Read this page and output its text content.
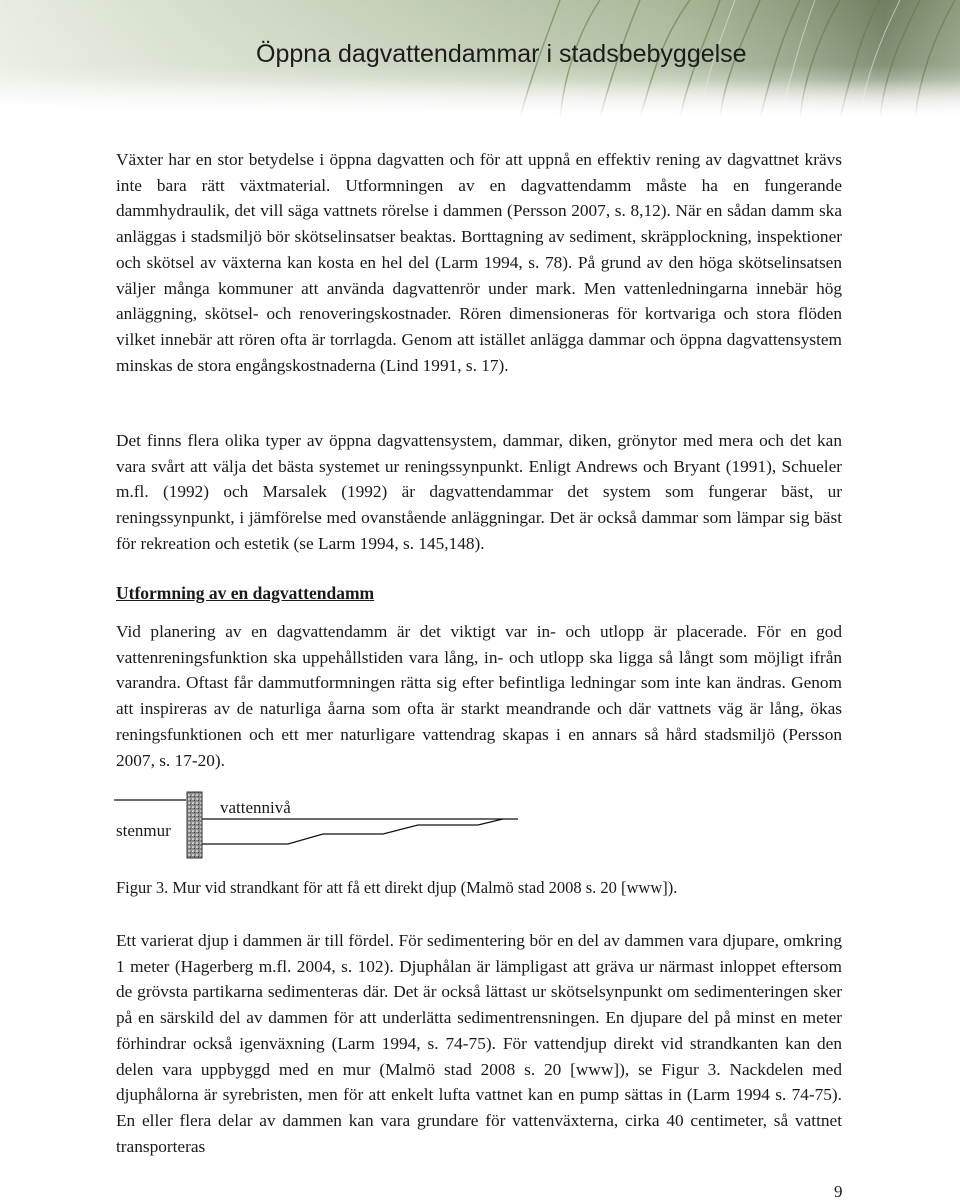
Öppna dagvattendammar i stadsbebyggelse
Växter har en stor betydelse i öppna dagvatten och för att uppnå en effektiv rening av dagvattnet krävs inte bara rätt växtmaterial. Utformningen av en dagvattendamm måste ha en fungerande dammhydraulik, det vill säga vattnets rörelse i dammen (Persson 2007, s. 8,12). När en sådan damm ska anläggas i stadsmiljö bör skötselinsatser beaktas. Borttagning av sediment, skräpplockning, inspektioner och skötsel av växterna kan kosta en hel del (Larm 1994, s. 78). På grund av den höga skötselinsatsen väljer många kommuner att använda dagvattenrör under mark. Men vattenledningarna innebär hög anläggning, skötsel- och renoveringskostnader. Rören dimensioneras för kortvariga och stora flöden vilket innebär att rören ofta är torrlagda. Genom att istället anlägga dammar och öppna dagvattensystem minskas de stora engångskostnaderna (Lind 1991, s. 17).
Det finns flera olika typer av öppna dagvattensystem, dammar, diken, grönytor med mera och det kan vara svårt att välja det bästa systemet ur reningssynpunkt. Enligt Andrews och Bryant (1991), Schueler m.fl. (1992) och Marsalek (1992) är dagvattendammar det system som fungerar bäst, ur reningssynpunkt, i jämförelse med ovanstående anläggningar. Det är också dammar som lämpar sig bäst för rekreation och estetik (se Larm 1994, s. 145,148).
Utformning av en dagvattendamm
Vid planering av en dagvattendamm är det viktigt var in- och utlopp är placerade. För en god vattenreningsfunktion ska uppehållstiden vara lång, in- och utlopp ska ligga så långt som möjligt ifrån varandra. Oftast får dammutformningen rätta sig efter befintliga ledningar som inte kan ändras. Genom att inspireras av de naturliga åarna som ofta är starkt meandrande och där vattnets väg är lång, ökas reningsfunktionen och ett mer naturligare vattendrag skapas i en annars så hård stadsmiljö (Persson 2007, s. 17-20).
vattennivå
stenmur
Figur 3. Mur vid strandkant för att få ett direkt djup (Malmö stad 2008 s. 20 [www]).
Ett varierat djup i dammen är till fördel. För sedimentering bör en del av dammen vara djupare, omkring 1 meter (Hagerberg m.fl. 2004, s. 102). Djuphålan är lämpligast att gräva ur närmast inloppet eftersom de grövsta partikarna sedimenteras där. Det är också lättast ur skötselsynpunkt om sedimenteringen sker på en särskild del av dammen för att underlätta sedimentrensningen. En djupare del på minst en meter förhindrar också igenväxning (Larm 1994, s. 74-75). För vattendjup direkt vid strandkanten kan den delen vara uppbyggd med en mur (Malmö stad 2008 s. 20 [www]), se Figur 3. Nackdelen med djuphålorna är syrebristen, men för att enkelt lufta vattnet kan en pump sättas in (Larm 1994 s. 74-75). En eller flera delar av dammen kan vara grundare för vattenväxterna, cirka 40 centimeter, så vattnet transporteras
9
